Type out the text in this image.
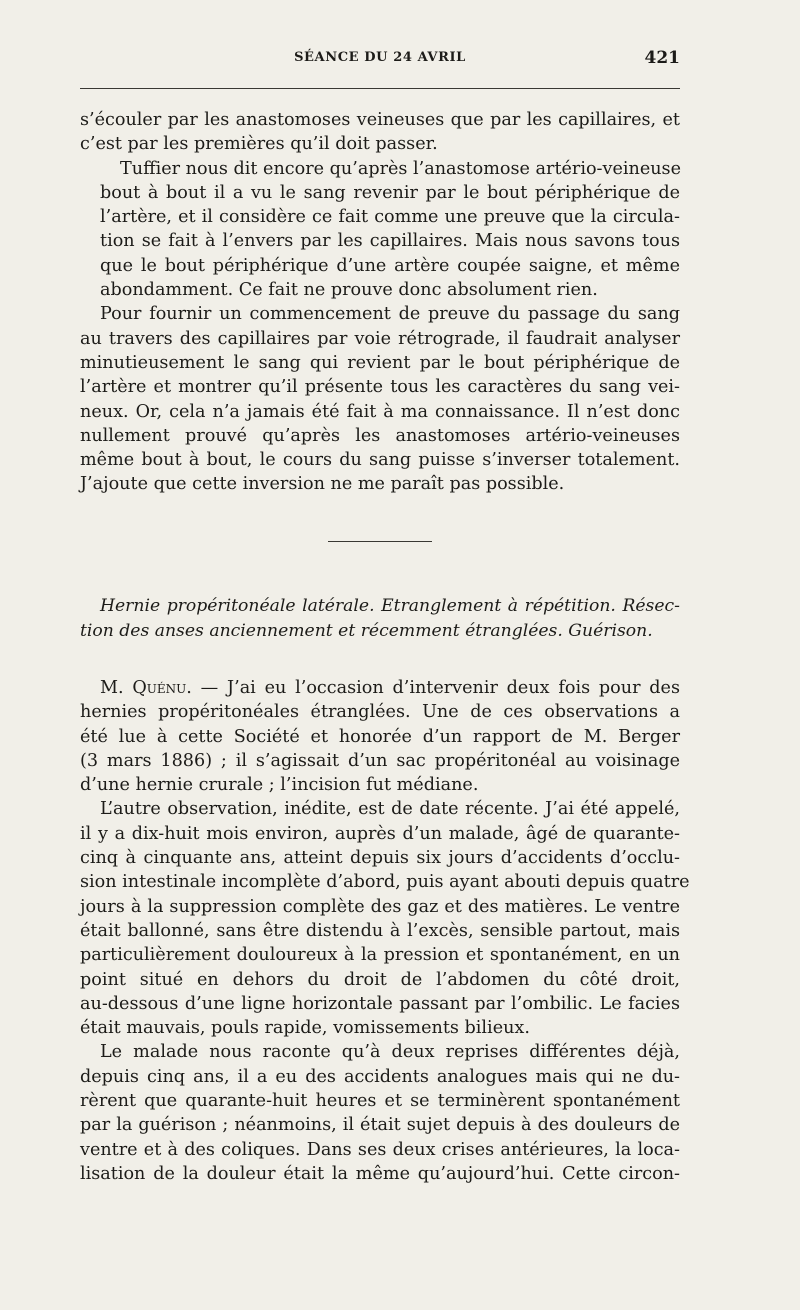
SÉANCE DU 24 AVRIL	421

s’écouler par les anastomoses veineuses que par les capillaires, et
c’est par les premières qu’il doit passer.

Tuffier nous dit encore qu’après l’anastomose artério-veineuse
bout à bout il a vu le sang revenir par le bout périphérique de
l’artère, et il considère ce fait comme une preuve que la circula-
tion se fait à l’envers par les capillaires. Mais nous savons tous
que le bout périphérique d’une artère coupée saigne, et même
abondamment. Ce fait ne prouve donc absolument rien.

Pour fournir un commencement de preuve du passage du sang
au travers des capillaires par voie rétrograde, il faudrait analyser
minutieusement le sang qui revient par le bout périphérique de
l’artère et montrer qu’il présente tous les caractères du sang vei-
neux. Or, cela n’a jamais été fait à ma connaissance. Il n’est donc
nullement prouvé qu’après les anastomoses artério-veineuses
même bout à bout, le cours du sang puisse s’inverser totalement.
J’ajoute que cette inversion ne me paraît pas possible.

Hernie propéritonéale latérale. Etranglement à répétition. Résec-
tion des anses anciennement et récemment étranglées. Guérison.

M. Quénu. — J’ai eu l’occasion d’intervenir deux fois pour des
hernies propéritonéales étranglées. Une de ces observations a
été lue à cette Société et honorée d’un rapport de M. Berger
(3 mars 1886) ; il s’agissait d’un sac propéritonéal au voisinage
d’une hernie crurale ; l’incision fut médiane.

L’autre observation, inédite, est de date récente. J’ai été appelé,
il y a dix-huit mois environ, auprès d’un malade, âgé de quarante-
cinq à cinquante ans, atteint depuis six jours d’accidents d’occlu-
sion intestinale incomplète d’abord, puis ayant abouti depuis quatre
jours à la suppression complète des gaz et des matières. Le ventre
était ballonné, sans être distendu à l’excès, sensible partout, mais
particulièrement douloureux à la pression et spontanément, en un
point situé en dehors du droit de l’abdomen du côté droit,
au-dessous d’une ligne horizontale passant par l’ombilic. Le facies
était mauvais, pouls rapide, vomissements bilieux.

Le malade nous raconte qu’à deux reprises différentes déjà,
depuis cinq ans, il a eu des accidents analogues mais qui ne du-
rèrent que quarante-huit heures et se terminèrent spontanément
par la guérison ; néanmoins, il était sujet depuis à des douleurs de
ventre et à des coliques. Dans ses deux crises antérieures, la loca-
lisation de la douleur était la même qu’aujourd’hui. Cette circon-
